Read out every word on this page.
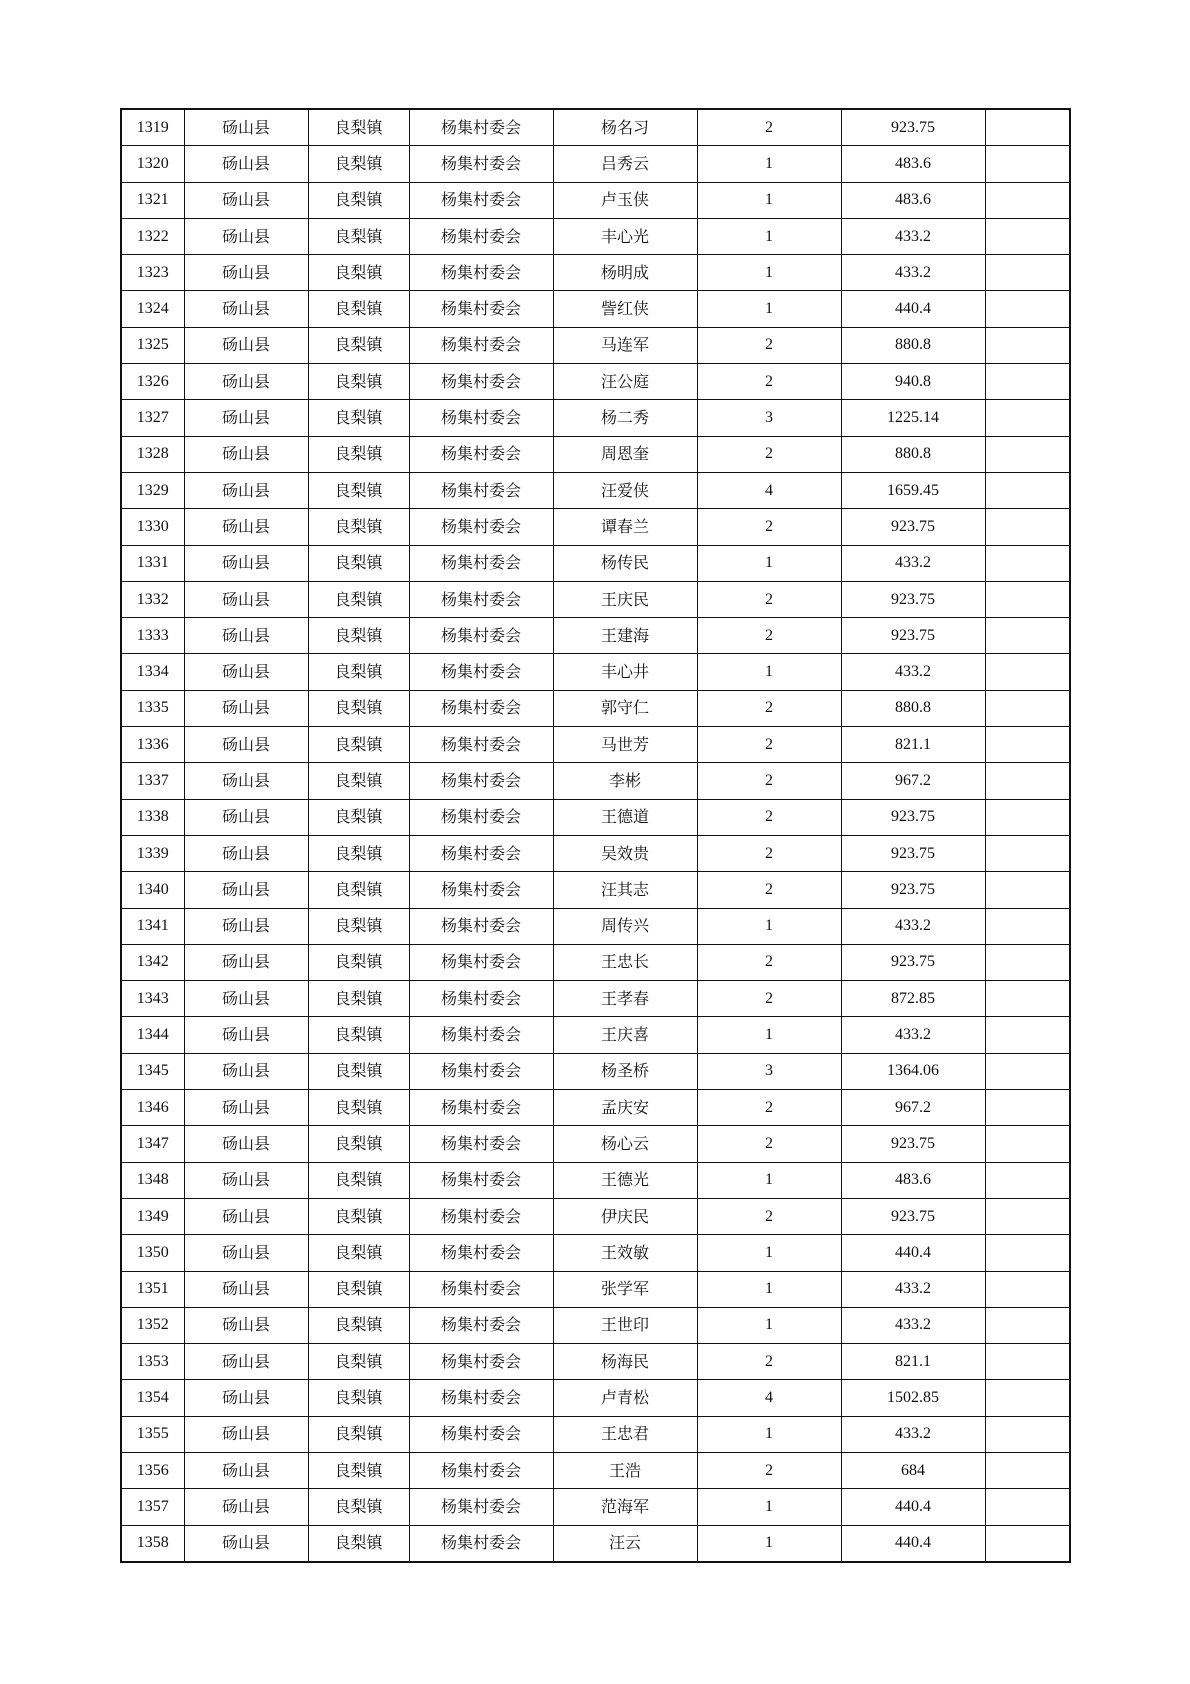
1319	砀山县	良梨镇	杨集村委会	杨名习	2	923.75	
1320	砀山县	良梨镇	杨集村委会	吕秀云	1	483.6	
1321	砀山县	良梨镇	杨集村委会	卢玉侠	1	483.6	
1322	砀山县	良梨镇	杨集村委会	丰心光	1	433.2	
1323	砀山县	良梨镇	杨集村委会	杨明成	1	433.2	
1324	砀山县	良梨镇	杨集村委会	訾红侠	1	440.4	
1325	砀山县	良梨镇	杨集村委会	马连军	2	880.8	
1326	砀山县	良梨镇	杨集村委会	汪公庭	2	940.8	
1327	砀山县	良梨镇	杨集村委会	杨二秀	3	1225.14	
1328	砀山县	良梨镇	杨集村委会	周恩奎	2	880.8	
1329	砀山县	良梨镇	杨集村委会	汪爱侠	4	1659.45	
1330	砀山县	良梨镇	杨集村委会	谭春兰	2	923.75	
1331	砀山县	良梨镇	杨集村委会	杨传民	1	433.2	
1332	砀山县	良梨镇	杨集村委会	王庆民	2	923.75	
1333	砀山县	良梨镇	杨集村委会	王建海	2	923.75	
1334	砀山县	良梨镇	杨集村委会	丰心井	1	433.2	
1335	砀山县	良梨镇	杨集村委会	郭守仁	2	880.8	
1336	砀山县	良梨镇	杨集村委会	马世芳	2	821.1	
1337	砀山县	良梨镇	杨集村委会	李彬	2	967.2	
1338	砀山县	良梨镇	杨集村委会	王德道	2	923.75	
1339	砀山县	良梨镇	杨集村委会	吴效贵	2	923.75	
1340	砀山县	良梨镇	杨集村委会	汪其志	2	923.75	
1341	砀山县	良梨镇	杨集村委会	周传兴	1	433.2	
1342	砀山县	良梨镇	杨集村委会	王忠长	2	923.75	
1343	砀山县	良梨镇	杨集村委会	王孝春	2	872.85	
1344	砀山县	良梨镇	杨集村委会	王庆喜	1	433.2	
1345	砀山县	良梨镇	杨集村委会	杨圣桥	3	1364.06	
1346	砀山县	良梨镇	杨集村委会	孟庆安	2	967.2	
1347	砀山县	良梨镇	杨集村委会	杨心云	2	923.75	
1348	砀山县	良梨镇	杨集村委会	王德光	1	483.6	
1349	砀山县	良梨镇	杨集村委会	伊庆民	2	923.75	
1350	砀山县	良梨镇	杨集村委会	王效敏	1	440.4	
1351	砀山县	良梨镇	杨集村委会	张学军	1	433.2	
1352	砀山县	良梨镇	杨集村委会	王世印	1	433.2	
1353	砀山县	良梨镇	杨集村委会	杨海民	2	821.1	
1354	砀山县	良梨镇	杨集村委会	卢青松	4	1502.85	
1355	砀山县	良梨镇	杨集村委会	王忠君	1	433.2	
1356	砀山县	良梨镇	杨集村委会	王浩	2	684	
1357	砀山县	良梨镇	杨集村委会	范海军	1	440.4	
1358	砀山县	良梨镇	杨集村委会	汪云	1	440.4	
